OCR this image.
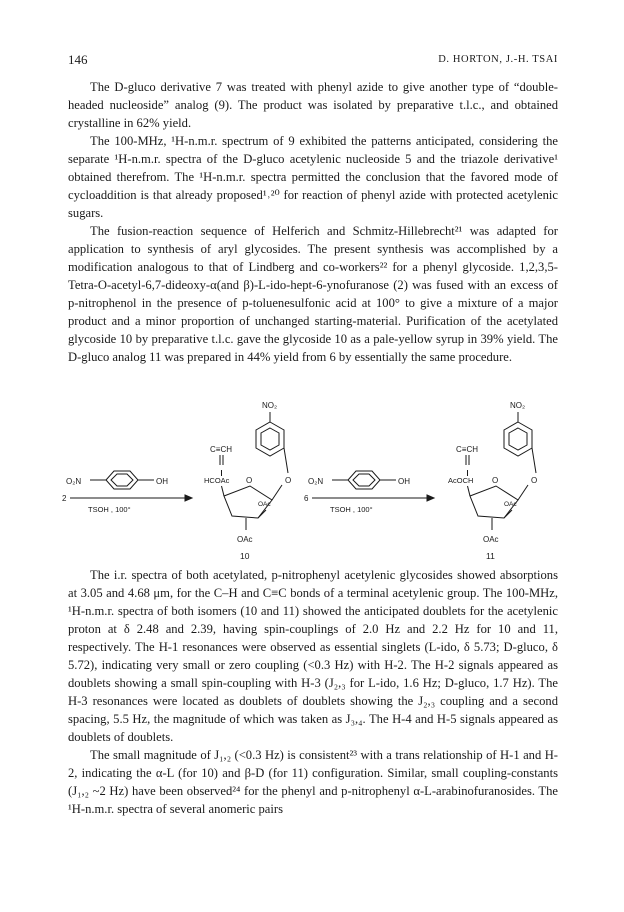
146	D. HORTON, J.-H. TSAI

The D-gluco derivative 7 was treated with phenyl azide to give another type of “double-headed nucleoside” analog (9). The product was isolated by preparative t.l.c., and obtained crystalline in 62% yield.

The 100-MHz, ¹H-n.m.r. spectrum of 9 exhibited the patterns anticipated, considering the separate ¹H-n.m.r. spectra of the D-gluco acetylenic nucleoside 5 and the triazole derivative¹ obtained therefrom. The ¹H-n.m.r. spectra permitted the conclusion that the favored mode of cycloaddition is that already proposed¹˒²⁰ for reaction of phenyl azide with protected acetylenic sugars.

The fusion-reaction sequence of Helferich and Schmitz-Hillebrecht²¹ was adapted for application to synthesis of aryl glycosides. The present synthesis was accomplished by a modification analogous to that of Lindberg and co-workers²² for a phenyl glycoside. 1,2,3,5-Tetra-O-acetyl-6,7-dideoxy-α(and β)-L-ido-hept-6-ynofuranose (2) was fused with an excess of p-nitrophenol in the presence of p-toluenesulfonic acid at 100° to give a mixture of a major product and a minor proportion of unchanged starting-material. Purification of the acetylated glycoside 10 by preparative t.l.c. gave the glycoside 10 as a pale-yellow syrup in 39% yield. The D-gluco analog 11 was prepared in 44% yield from 6 by essentially the same procedure.

O₂N	OH
2
TSOH , 100°
NO₂
C≡CH
HCOAc O	O
OAc
OAc
10
O₂N	OH
6
TSOH , 100°
NO₂
C≡CH
AcOCH O	O
OAc
OAc
11

The i.r. spectra of both acetylated, p-nitrophenyl acetylenic glycosides showed absorptions at 3.05 and 4.68 μm, for the C–H and C≡C bonds of a terminal acetylenic group. The 100-MHz, ¹H-n.m.r. spectra of both isomers (10 and 11) showed the anticipated doublets for the acetylenic proton at δ 2.48 and 2.39, having spin-couplings of 2.0 Hz and 2.2 Hz for 10 and 11, respectively. The H-1 resonances were observed as essential singlets (L-ido, δ 5.73; D-gluco, δ 5.72), indicating very small or zero coupling (<0.3 Hz) with H-2. The H-2 signals appeared as doublets showing a small spin-coupling with H-3 (J₂,₃ for L-ido, 1.6 Hz; D-gluco, 1.7 Hz). The H-3 resonances were located as doublets of doublets showing the J₂,₃ coupling and a second spacing, 5.5 Hz, the magnitude of which was taken as J₃,₄. The H-4 and H-5 signals appeared as doublets of doublets.

The small magnitude of J₁,₂ (<0.3 Hz) is consistent²³ with a trans relationship of H-1 and H-2, indicating the α-L (for 10) and β-D (for 11) configuration. Similar, small coupling-constants (J₁,₂ ~2 Hz) have been observed²⁴ for the phenyl and p-nitrophenyl α-L-arabinofuranosides. The ¹H-n.m.r. spectra of several anomeric pairs
